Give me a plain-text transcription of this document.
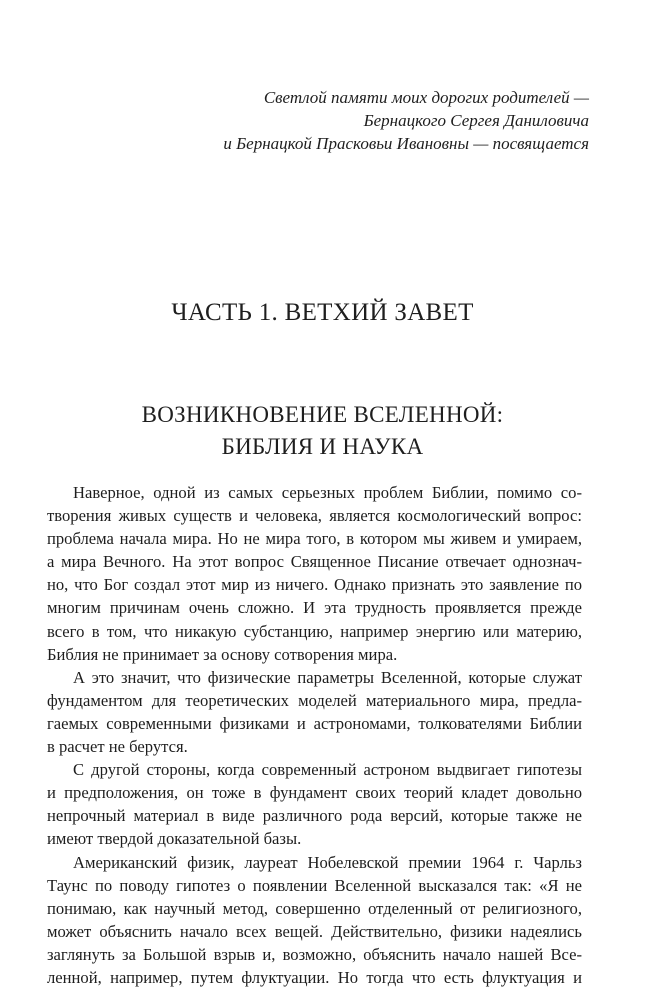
Светлой памяти моих дорогих родителей —
Бернацкого Сергея Даниловича
и Бернацкой Прасковьи Ивановны — посвящается
ЧАСТЬ 1. ВЕТХИЙ ЗАВЕТ
ВОЗНИКНОВЕНИЕ ВСЕЛЕННОЙ:
БИБЛИЯ И НАУКА
Наверное, одной из самых серьезных проблем Библии, помимо со-
творения живых существ и человека, является космологический вопрос:
проблема начала мира. Но не мира того, в котором мы живем и умираем,
а мира Вечного. На этот вопрос Священное Писание отвечает однознач-
но, что Бог создал этот мир из ничего. Однако признать это заявление по
многим причинам очень сложно. И эта трудность проявляется прежде
всего в том, что никакую субстанцию, например энергию или материю,
Библия не принимает за основу сотворения мира.
А это значит, что физические параметры Вселенной, которые служат
фундаментом для теоретических моделей материального мира, предла-
гаемых современными физиками и астрономами, толкователями Библии
в расчет не берутся.
С другой стороны, когда современный астроном выдвигает гипотезы
и предположения, он тоже в фундамент своих теорий кладет довольно
непрочный материал в виде различного рода версий, которые также не
имеют твердой доказательной базы.
Американский физик, лауреат Нобелевской премии 1964 г. Чарльз
Таунс по поводу гипотез о появлении Вселенной высказался так: «Я не
понимаю, как научный метод, совершенно отделенный от религиозного,
может объяснить начало всех вещей. Действительно, физики надеялись
заглянуть за Большой взрыв и, возможно, объяснить начало нашей Все-
ленной, например, путем флуктуации. Но тогда что есть флуктуация и
